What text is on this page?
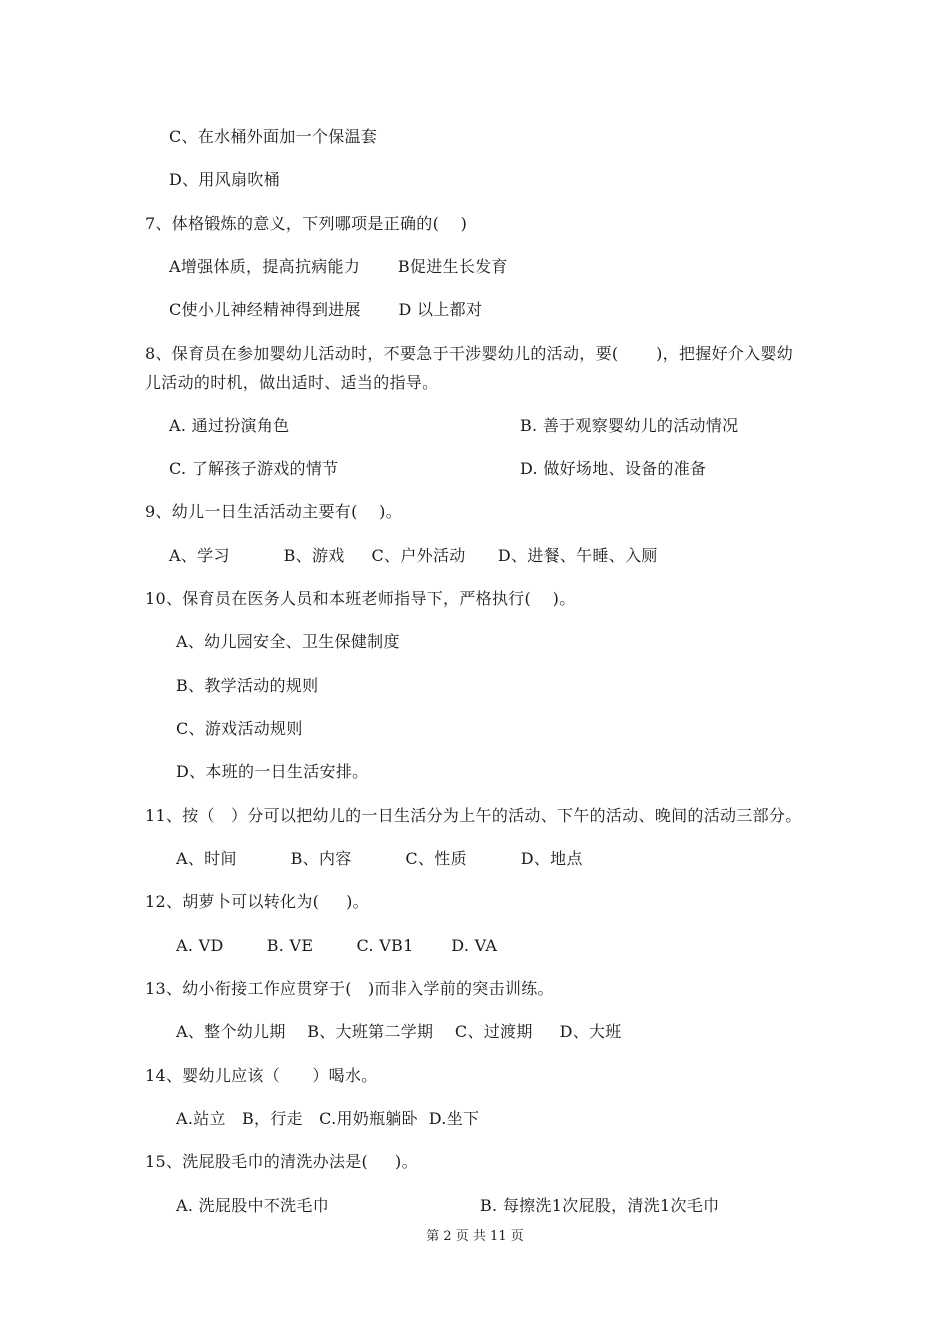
C、在水桶外面加一个保温套
D、用风扇吹桶
7、体格锻炼的意义，下列哪项是正确的(    )
A增强体质，提高抗病能力       B促进生长发育
C使小儿神经精神得到进展       D 以上都对
8、保育员在参加婴幼儿活动时，不要急于干涉婴幼儿的活动，要(       )，把握好介入婴幼
儿活动的时机，做出适时、适当的指导。
A. 通过扮演角色	B. 善于观察婴幼儿的活动情况
C. 了解孩子游戏的情节	D. 做好场地、设备的准备
9、幼儿一日生活活动主要有(    )。
A、学习          B、游戏     C、户外活动      D、进餐、午睡、入厕
10、保育员在医务人员和本班老师指导下，严格执行(    )。
A、幼儿园安全、卫生保健制度
B、教学活动的规则
C、游戏活动规则
D、本班的一日生活安排。
11、按（   ）分可以把幼儿的一日生活分为上午的活动、下午的活动、晚间的活动三部分。
A、时间          B、内容          C、性质          D、地点
12、胡萝卜可以转化为(     )。
A. VD        B. VE        C. VB1       D. VA
13、幼小衔接工作应贯穿于(   )而非入学前的突击训练。
A、整个幼儿期    B、大班第二学期    C、过渡期     D、大班
14、婴幼儿应该（      ）喝水。
A.站立   B，行走   C.用奶瓶躺卧  D.坐下
15、洗屁股毛巾的清洗办法是(     )。
A. 洗屁股中不洗毛巾	B. 每擦洗1次屁股，清洗1次毛巾
第 2 页 共 11 页
